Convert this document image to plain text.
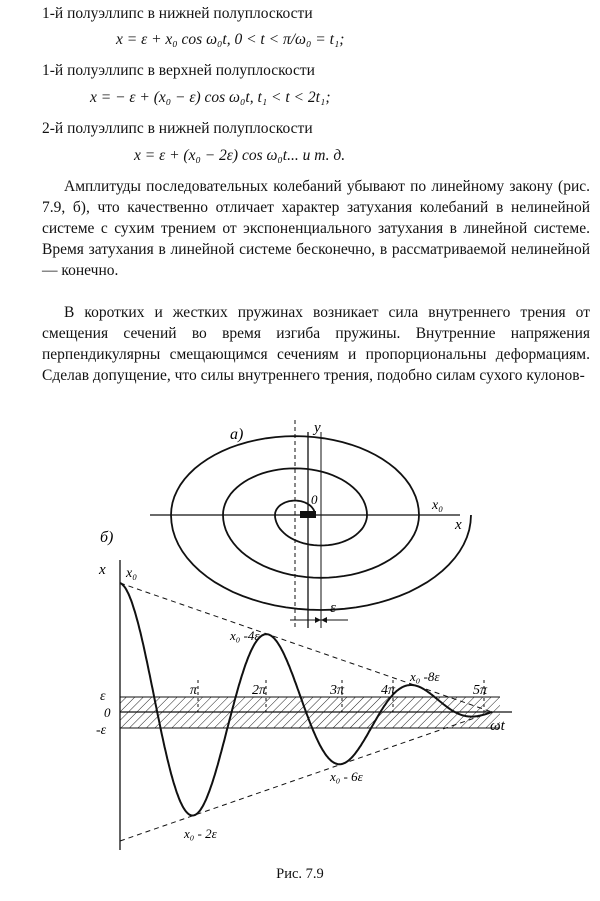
1-й полуэллипс в нижней полуплоскости
x = ε + x₀ cos ω₀t, 0 < t < π/ω₀ = t₁;
1-й полуэллипс в верхней полуплоскости
x = − ε + (x₀ − ε) cos ω₀t, t₁ < t < 2t₁;
2-й полуэллипс в нижней полуплоскости
x = ε + (x₀ − 2ε) cos ω₀t... и т. д.

Амплитуды последовательных колебаний убывают по линейному закону (рис. 7.9, б), что качественно отличает характер затухания колебаний в нелинейной системе с сухим трением от экспоненциального затухания в линейной системе. Время затухания в линейной системе бесконечно, в рассматриваемой нелинейной — конечно.

В коротких и жестких пружинах возникает сила внутреннего трения от смещения сечений во время изгиба пружины. Внутренние напряжения перпендикулярны смещающимся сечениям и пропорциональны деформациям. Сделав допущение, что силы внутреннего трения, подобно силам сухого кулонов-

а)	y
x
0	x₀
ε
б)
x x₀
ε
0
-ε
π	2π	3π	4π	5π
ωt
x₀ - 2ε
x₀ -4ε
x₀ - 6ε
x₀ -8ε
Рис. 7.9
